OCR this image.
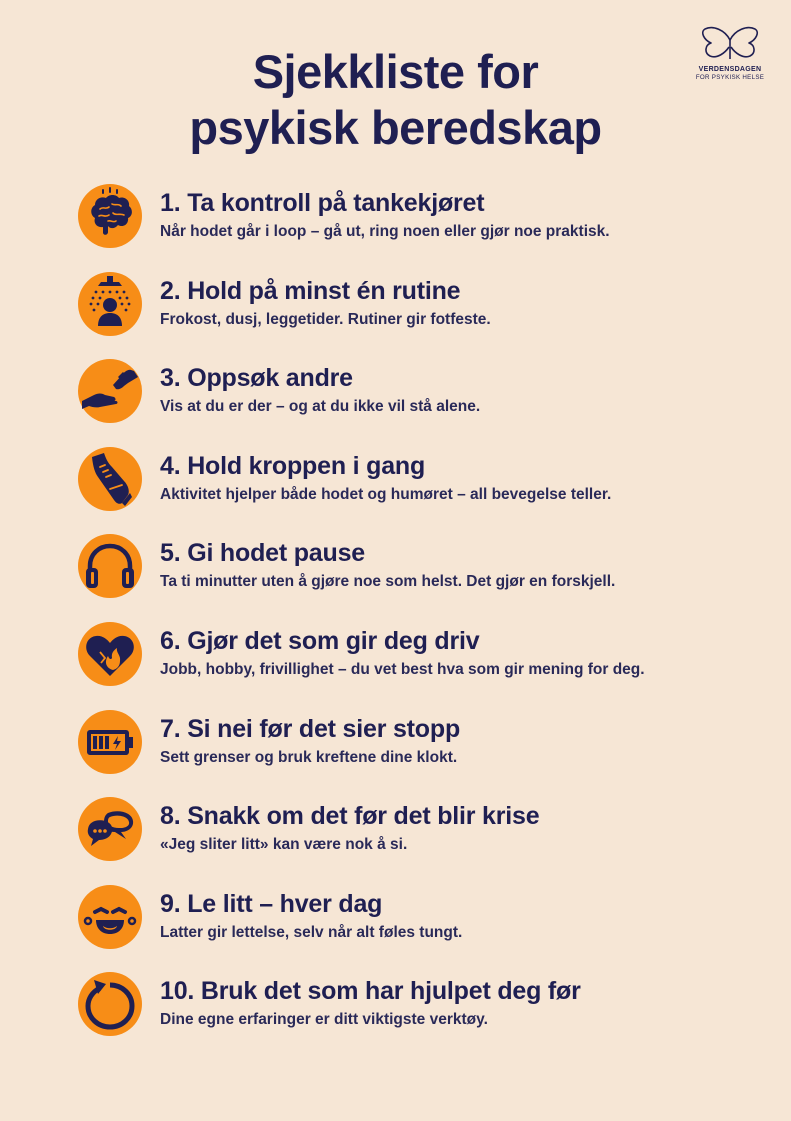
Sjekkliste for
psykisk beredskap
VERDENSDAGEN
FOR PSYKISK HELSE
1. Ta kontroll på tankekjøret
Når hodet går i loop – gå ut, ring noen eller gjør noe praktisk.
2. Hold på minst én rutine
Frokost, dusj, leggetider. Rutiner gir fotfeste.
3. Oppsøk andre
Vis at du er der – og at du ikke vil stå alene.
4. Hold kroppen i gang
Aktivitet hjelper både hodet og humøret – all bevegelse teller.
5. Gi hodet pause
Ta ti minutter uten å gjøre noe som helst. Det gjør en forskjell.
6. Gjør det som gir deg driv
Jobb, hobby, frivillighet – du vet best hva som gir mening for deg.
7. Si nei før det sier stopp
Sett grenser og bruk kreftene dine klokt.
8. Snakk om det før det blir krise
«Jeg sliter litt» kan være nok å si.
9. Le litt – hver dag
Latter gir lettelse, selv når alt føles tungt.
10. Bruk det som har hjulpet deg før
Dine egne erfaringer er ditt viktigste verktøy.
